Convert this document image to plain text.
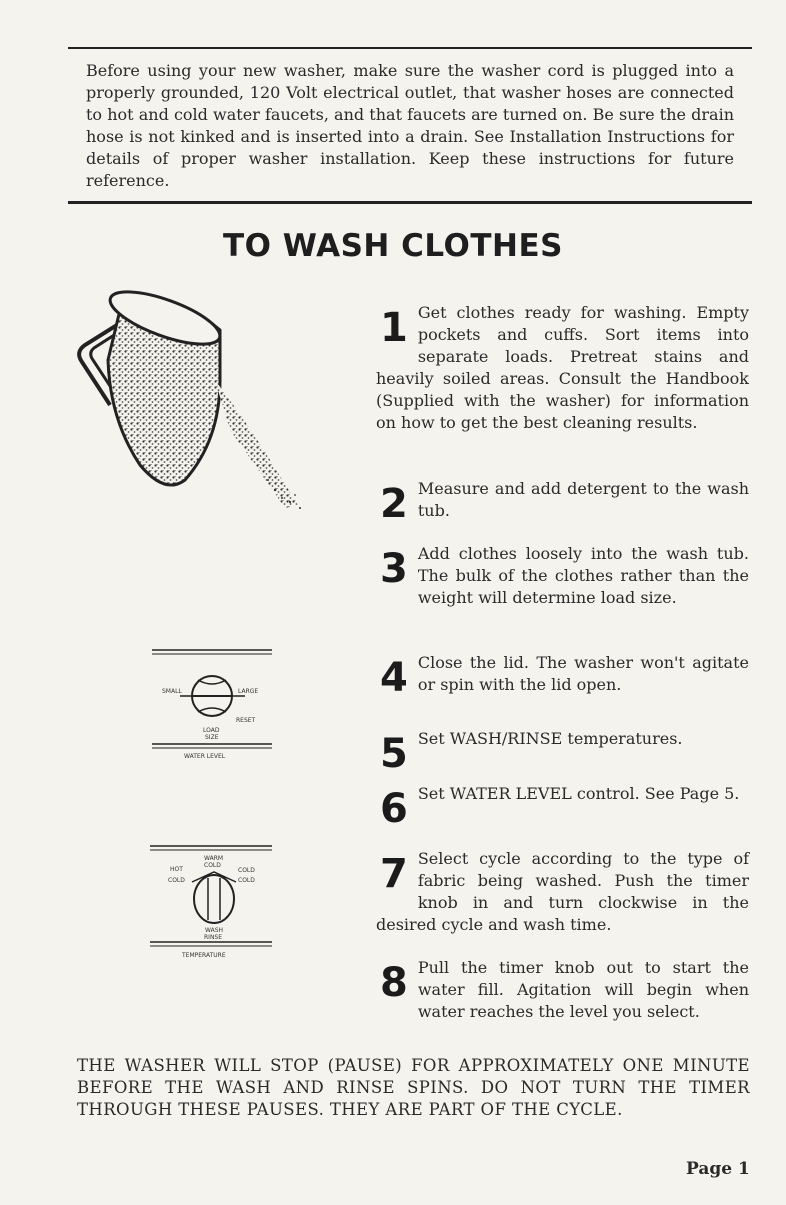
Before using your new washer, make sure the washer cord is plugged into a properly grounded, 120 Volt electrical outlet, that washer hoses are connected to hot and cold water faucets, and that faucets are turned on. Be sure the drain hose is not kinked and is inserted into a drain. See Installation Instructions for details of proper washer installation. Keep these instructions for future reference.

TO WASH CLOTHES
SMALL	LARGE
RESET
LOAD
SIZE
WATER LEVEL
WARM
COLD
HOT
COLD
COLD
COLD
WASH
RINSE
TEMPERATURE
1 Get clothes ready for washing. Empty pockets and cuffs. Sort items into separate loads. Pretreat stains and heavily soiled areas. Consult the Handbook (Supplied with the washer) for information on how to get the best cleaning results.
2 Measure and add detergent to the wash tub.
3 Add clothes loosely into the wash tub. The bulk of the clothes rather than the weight will determine load size.
4 Close the lid. The washer won't agitate or spin with the lid open.
5 Set WASH/RINSE temperatures.
6 Set WATER LEVEL control. See Page 5.
7 Select cycle according to the type of fabric being washed. Push the timer knob in and turn clockwise in the desired cycle and wash time.
8 Pull the timer knob out to start the water fill. Agitation will begin when water reaches the level you select.

THE WASHER WILL STOP (PAUSE) FOR APPROXIMATELY ONE MINUTE BEFORE THE WASH AND RINSE SPINS. DO NOT TURN THE TIMER THROUGH THESE PAUSES. THEY ARE PART OF THE CYCLE.

Page 1
